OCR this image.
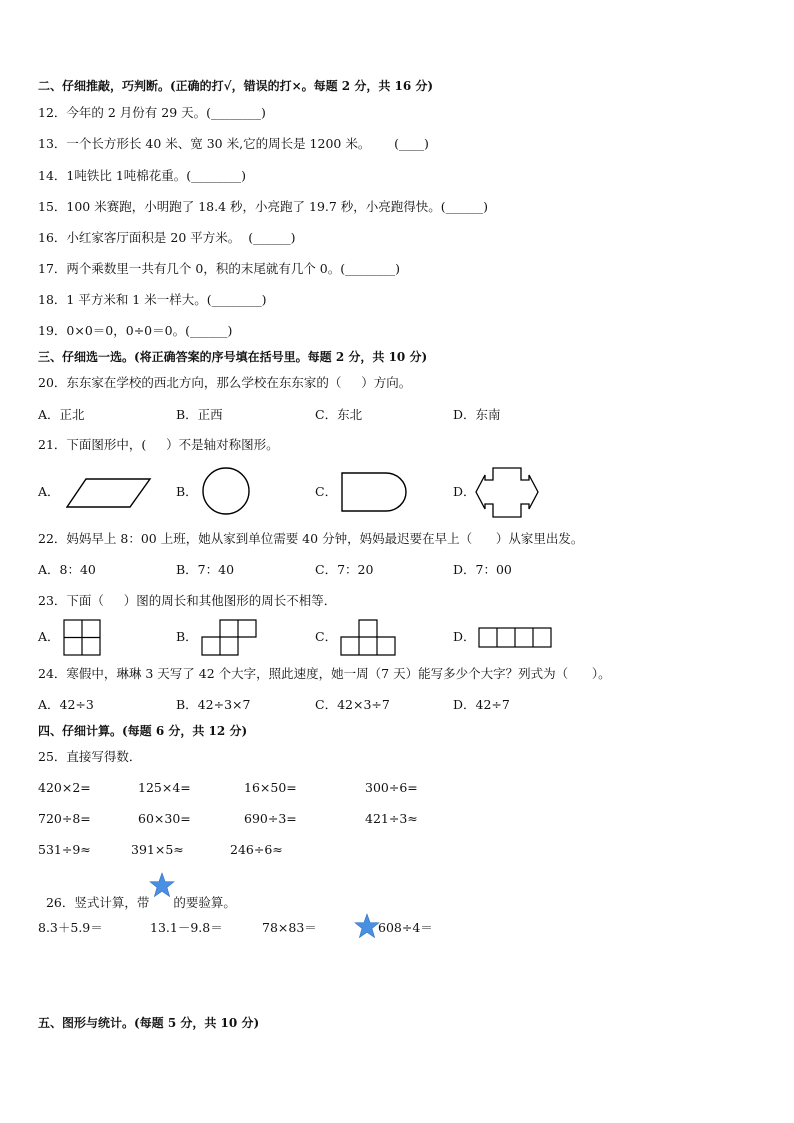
二、仔细推敲，巧判断。(正确的打√，错误的打×。每题 2 分，共 16 分)
12．今年的 2 月份有 29 天。(________)
13．一个长方形长 40 米、宽 30 米,它的周长是 1200 米。      (____)
14．1吨铁比 1吨棉花重。(________)
15．100 米赛跑，小明跑了 18.4 秒，小亮跑了 19.7 秒，小亮跑得快。(______)
16．小红家客厅面积是 20 平方米。  (______)
17．两个乘数里一共有几个 0，积的末尾就有几个 0。(________)
18．1 平方米和 1 米一样大。(________)
19．0×0＝0，0÷0＝0。(______)
三、仔细选一选。(将正确答案的序号填在括号里。每题 2 分，共 10 分)
20．东东家在学校的西北方向，那么学校在东东家的（     ）方向。
A．正北	B．正西	C．东北	D．东南
21．下面图形中，(     ）不是轴对称图形。
A．	B．	C．	D．
22．妈妈早上 8：00 上班，她从家到单位需要 40 分钟，妈妈最迟要在早上（      ）从家里出发。
A．8：40	B．7：40	C．7：20	D．7：00
23．下面（     ）图的周长和其他图形的周长不相等．
A．	B．	C．	D．
24．寒假中，琳琳 3 天写了 42 个大字，照此速度，她一周（7 天）能写多少个大字？列式为（      ）。
A．42÷3	B．42÷3×7	C．42×3÷7	D．42÷7
四、仔细计算。(每题 6 分，共 12 分)
25．直接写得数．
420×2=	125×4=	16×50=	300÷6=
720÷8=	60×30=	690÷3=	421÷3≈
531÷9≈	391×5≈	246÷6≈

26．竖式计算，带 的要验算。

8.3＋5.9＝	13.1－9.8＝	78×83＝	608÷4＝
五、图形与统计。(每题 5 分，共 10 分)
